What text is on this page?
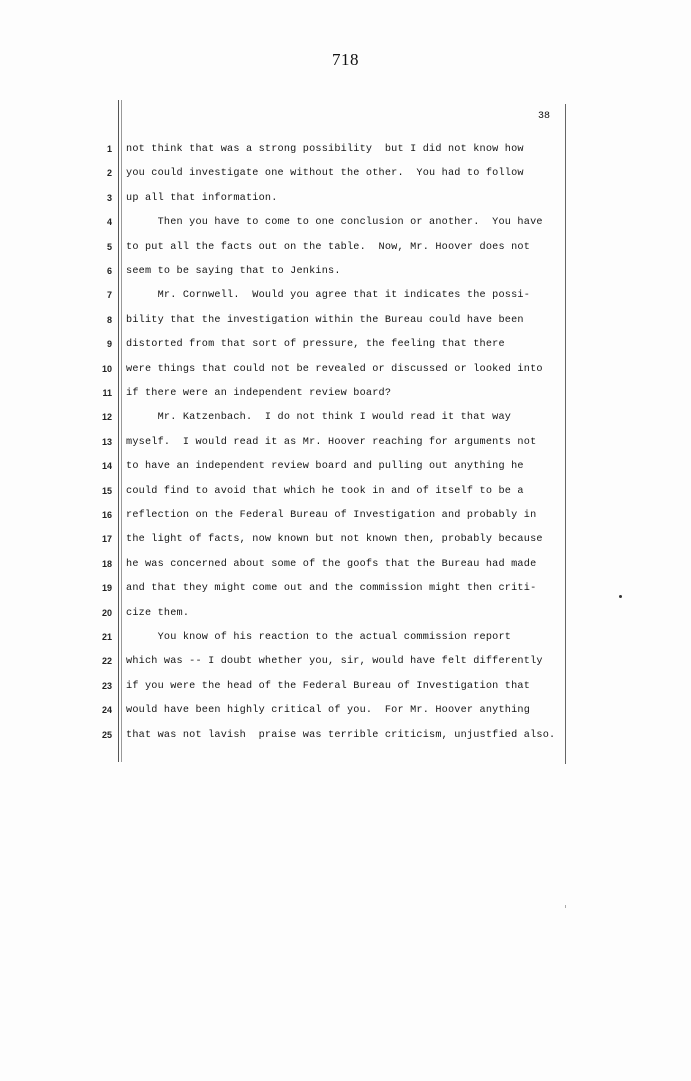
718
38
1
2
3
4
5
6
7
8
9
10
11
12
13
14
15
16
17
18
19
20
21
22
23
24
25
not think that was a strong possibility  but I did not know how
you could investigate one without the other.  You had to follow
up all that information.
Then you have to come to one conclusion or another.  You have
to put all the facts out on the table.  Now, Mr. Hoover does not
seem to be saying that to Jenkins.
Mr. Cornwell.  Would you agree that it indicates the possi-
bility that the investigation within the Bureau could have been
distorted from that sort of pressure, the feeling that there
were things that could not be revealed or discussed or looked into
if there were an independent review board?
Mr. Katzenbach.  I do not think I would read it that way
myself.  I would read it as Mr. Hoover reaching for arguments not
to have an independent review board and pulling out anything he
could find to avoid that which he took in and of itself to be a
reflection on the Federal Bureau of Investigation and probably in
the light of facts, now known but not known then, probably because
he was concerned about some of the goofs that the Bureau had made
and that they might come out and the commission might then criti-
cize them.
You know of his reaction to the actual commission report
which was -- I doubt whether you, sir, would have felt differently
if you were the head of the Federal Bureau of Investigation that
would have been highly critical of you.  For Mr. Hoover anything
that was not lavish  praise was terrible criticism, unjustfied also.
